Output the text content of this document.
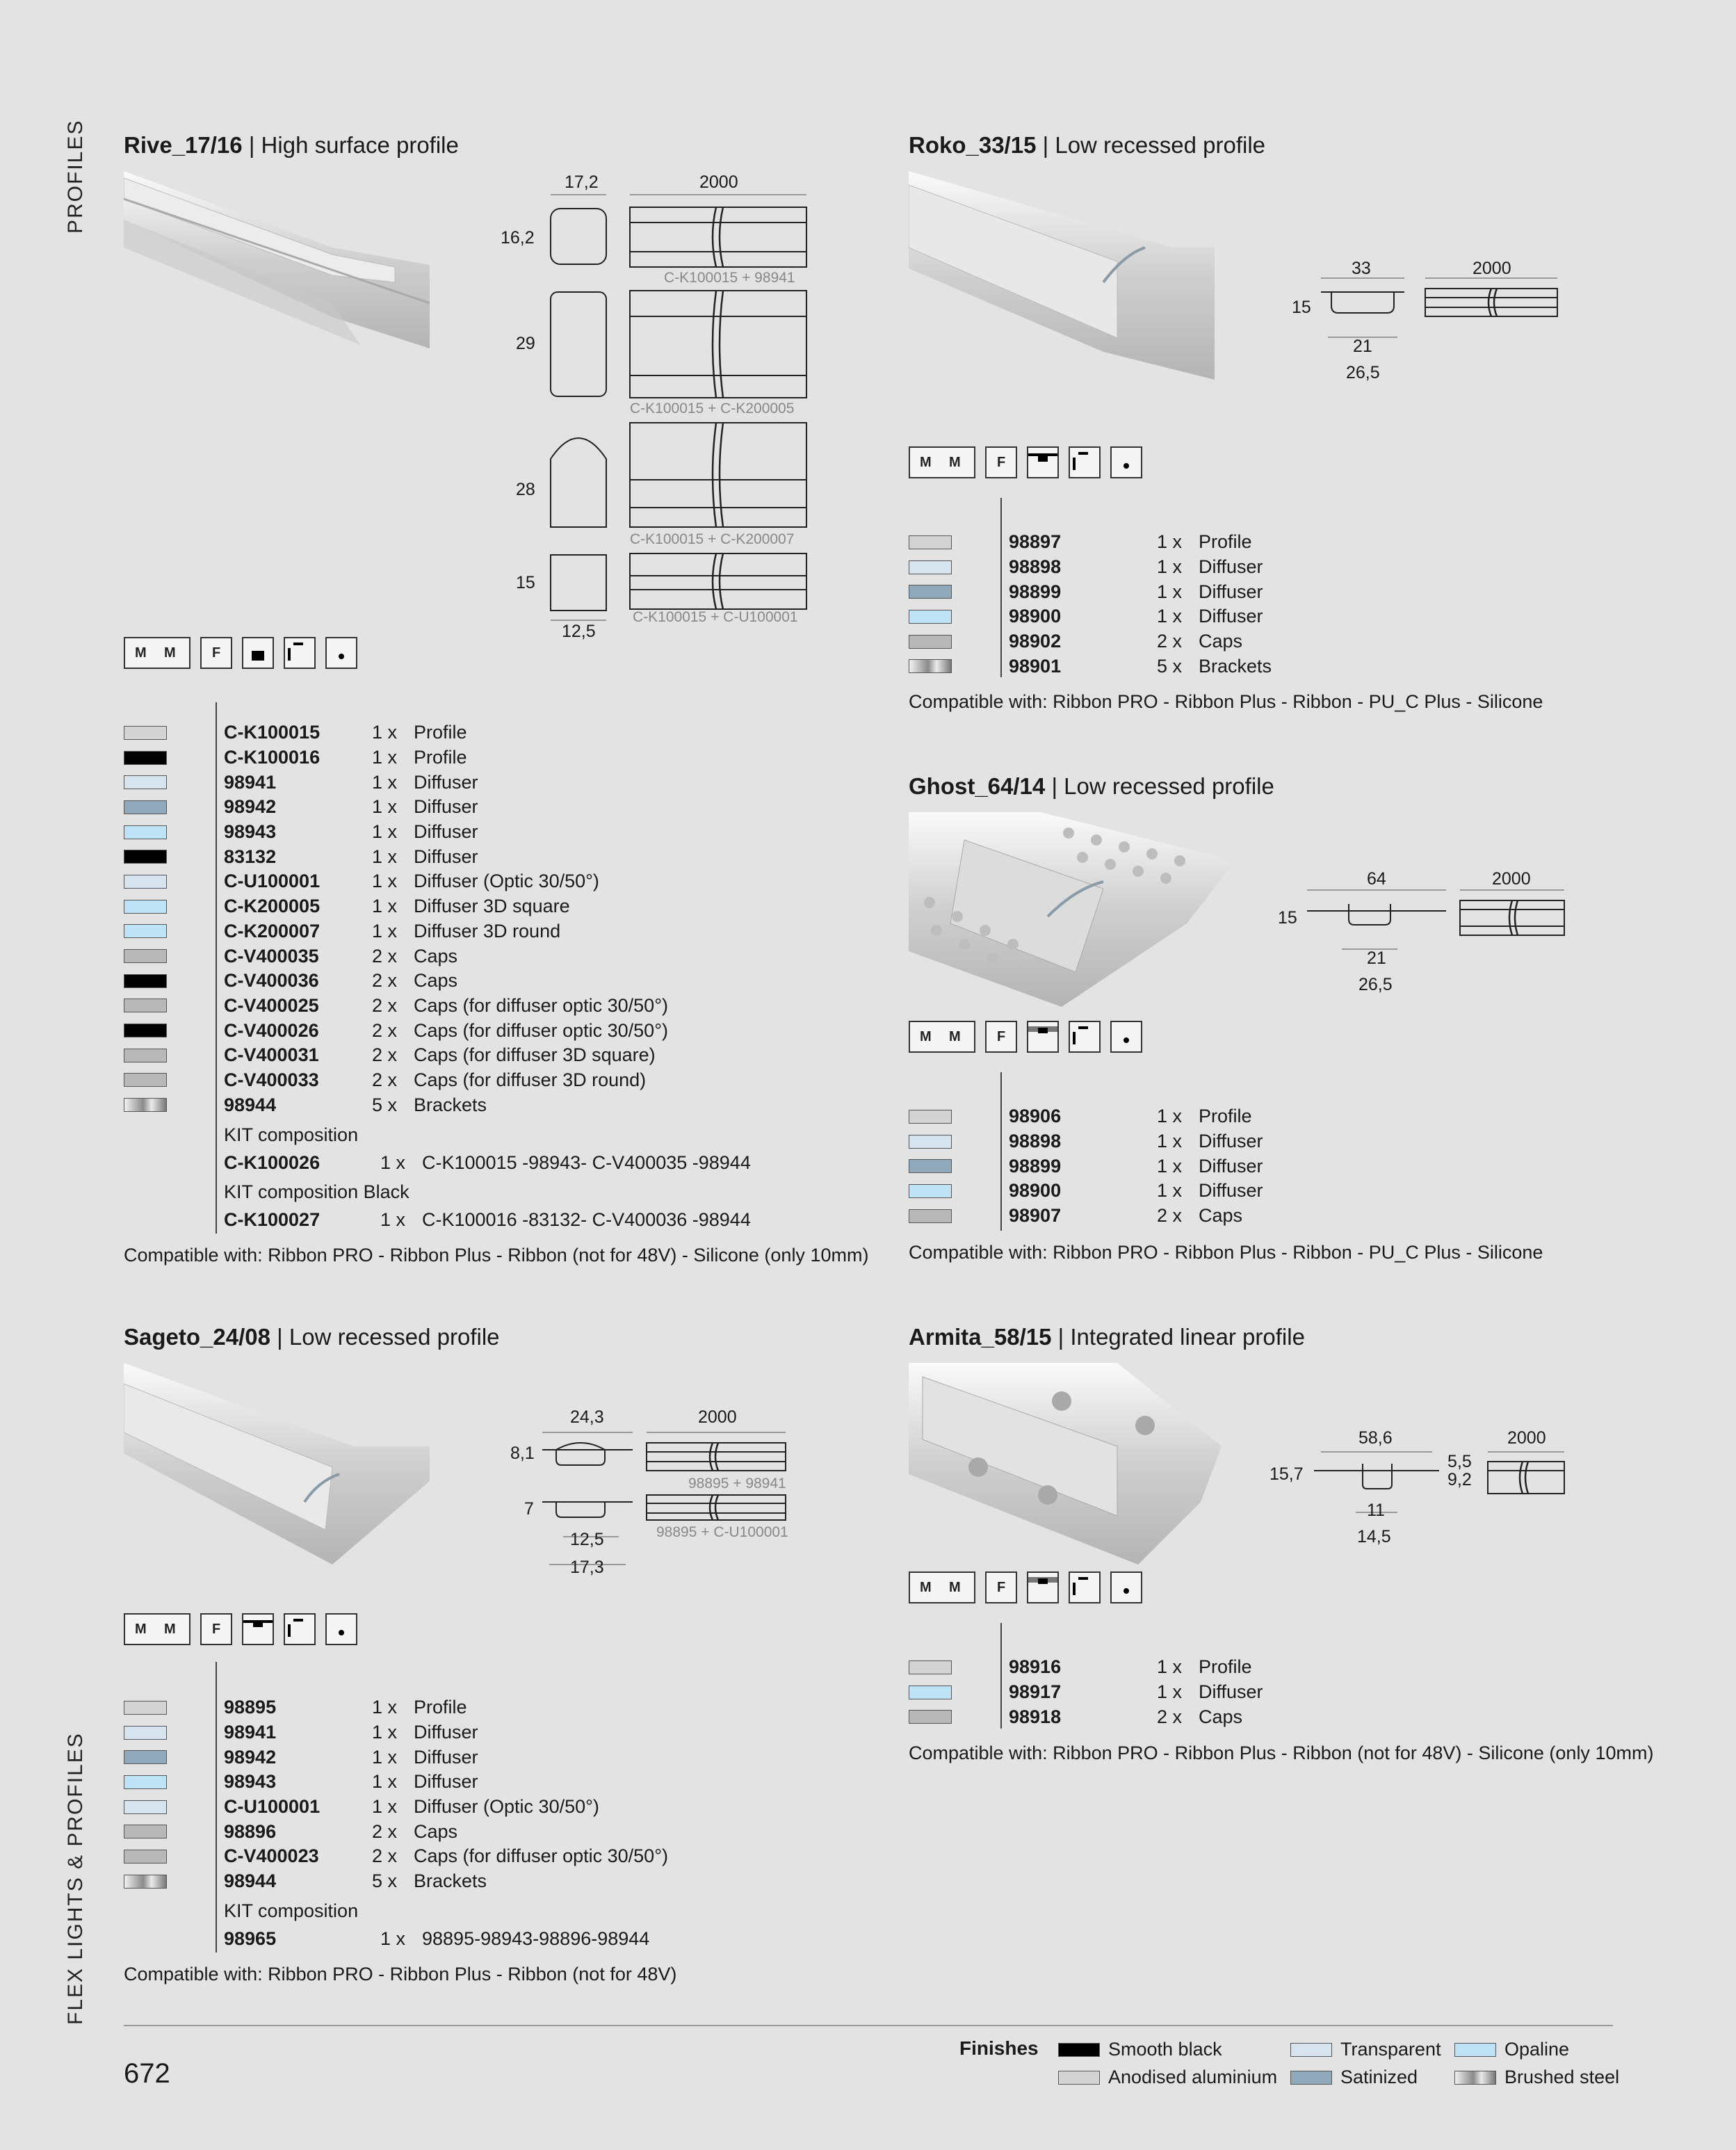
PROFILES
FLEX LIGHTS & PROFILES
Rive_17/16 | High surface profile
17,2	2000
16,2
29
28
15
12,5
C-K100015 + 98941
C-K100015 + C-K200005
C-K100015 + C-K200007
C-K100015 + C-U100001
M M	F
C-K100015	1 x Profile
C-K100016	1 x Profile
98941	1 x Diffuser
98942	1 x Diffuser
98943	1 x Diffuser
83132	1 x Diffuser
C-U100001	1 x Diffuser (Optic 30/50°)
C-K200005	1 x Diffuser 3D square
C-K200007	1 x Diffuser 3D round
C-V400035	2 x Caps
C-V400036	2 x Caps
C-V400025	2 x Caps (for diffuser optic 30/50°)
C-V400026	2 x Caps (for diffuser optic 30/50°)
C-V400031	2 x Caps (for diffuser 3D square)
C-V400033	2 x Caps (for diffuser 3D round)
98944	5 x Brackets
KIT composition
C-K100026	1 x C-K100015 -98943- C-V400035 -98944
KIT composition Black
C-K100027	1 x C-K100016 -83132- C-V400036 -98944
Compatible with: Ribbon PRO - Ribbon Plus - Ribbon (not for 48V) - Silicone (only 10mm)
Roko_33/15 | Low recessed profile
33	2000
15
21
26,5
M M	F
98897	1 x Profile
98898	1 x Diffuser
98899	1 x Diffuser
98900	1 x Diffuser
98902	2 x Caps
98901	5 x Brackets
Compatible with: Ribbon PRO - Ribbon Plus - Ribbon - PU_C Plus - Silicone
Ghost_64/14 | Low recessed profile
64	2000
15
21
26,5
M M	F
98906	1 x Profile
98898	1 x Diffuser
98899	1 x Diffuser
98900	1 x Diffuser
98907	2 x Caps
Compatible with: Ribbon PRO - Ribbon Plus - Ribbon - PU_C Plus - Silicone
Sageto_24/08 | Low recessed profile
24,3	2000
8,1
7
12,5
17,3
98895 + 98941
98895 + C-U100001
M M	F
98895	1 x Profile
98941	1 x Diffuser
98942	1 x Diffuser
98943	1 x Diffuser
C-U100001	1 x Diffuser (Optic 30/50°)
98896	2 x Caps
C-V400023	2 x Caps (for diffuser optic 30/50°)
98944	5 x Brackets
KIT composition
98965	1 x 98895-98943-98896-98944
Compatible with: Ribbon PRO - Ribbon Plus - Ribbon (not for 48V)
Armita_58/15 | Integrated linear profile
58,6	2000
15,7
5,5
9,2
11
14,5
M M	F
98916	1 x Profile
98917	1 x Diffuser
98918	2 x Caps
Compatible with: Ribbon PRO - Ribbon Plus - Ribbon (not for 48V) - Silicone (only 10mm)
672
Finishes	Smooth black
Anodised aluminium
Transparent
Satinized
Opaline
Brushed steel
